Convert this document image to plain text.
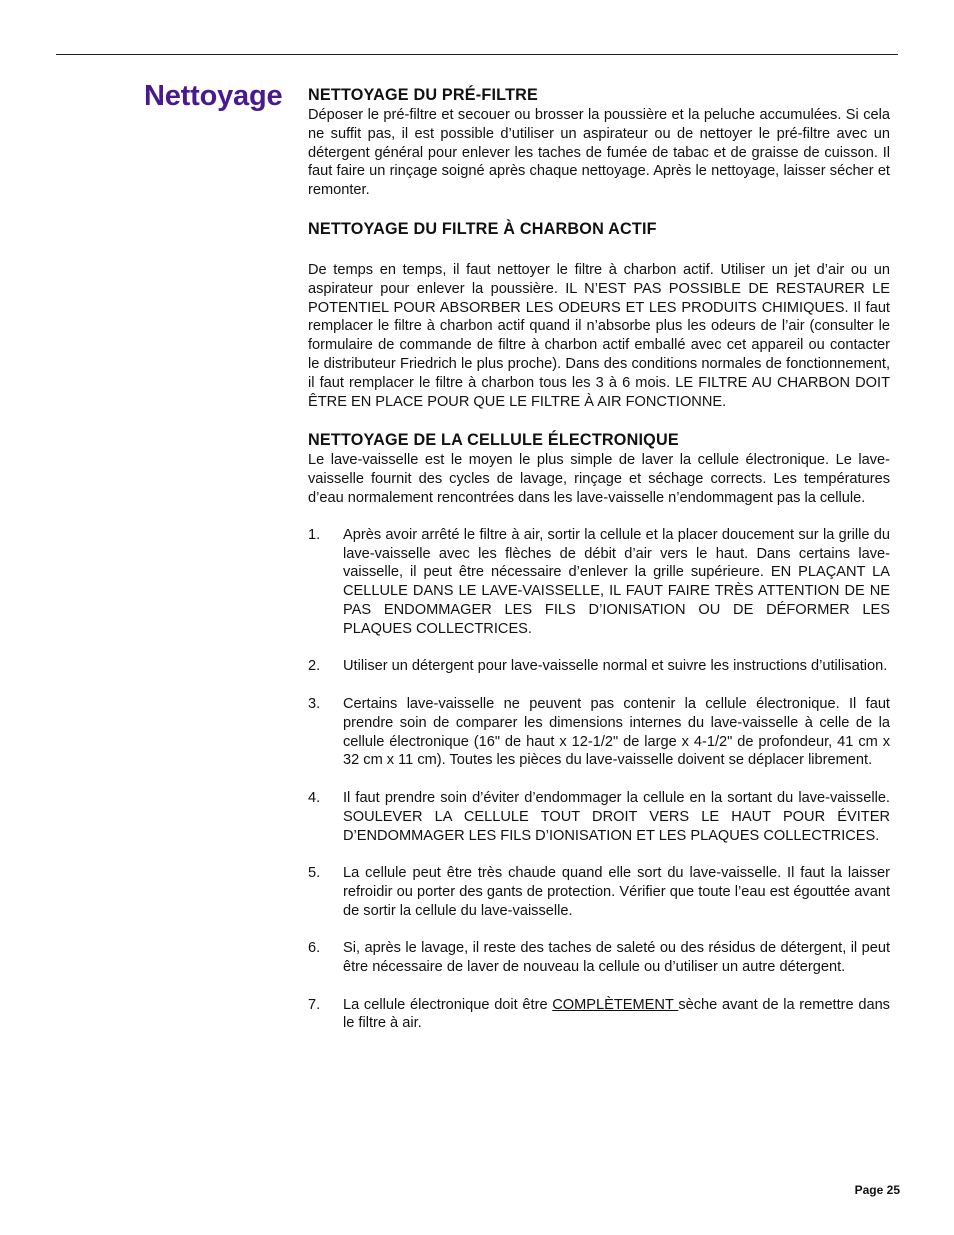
Nettoyage NETTOYAGE DU PRÉ-FILTRE

Déposer le pré-filtre et secouer ou brosser la poussière et la peluche accumulées. Si cela ne suffit pas, il est possible d’utiliser un aspirateur ou de nettoyer le pré-filtre avec un détergent général pour enlever les taches de fumée de tabac et de graisse de cuisson. Il faut faire un rinçage soigné après chaque nettoyage. Après le nettoyage, laisser sécher et remonter.

NETTOYAGE DU FILTRE À CHARBON ACTIF

De temps en temps, il faut nettoyer le filtre à charbon actif. Utiliser un jet d’air ou un aspirateur pour enlever la poussière. IL N’EST PAS POSSIBLE DE RESTAURER LE POTENTIEL POUR ABSORBER LES ODEURS ET LES PRODUITS CHIMIQUES. Il faut remplacer le filtre à charbon actif quand il n’absorbe plus les odeurs de l’air (consulter le formulaire de commande de filtre à charbon actif emballé avec cet appareil ou contacter le distributeur Friedrich le plus proche). Dans des conditions normales de fonctionnement, il faut remplacer le filtre à charbon tous les 3 à 6 mois. LE FILTRE AU CHARBON DOIT ÊTRE EN PLACE POUR QUE LE FILTRE À AIR FONCTIONNE.

NETTOYAGE DE LA CELLULE ÉLECTRONIQUE

Le lave-vaisselle est le moyen le plus simple de laver la cellule électronique. Le lave-vaisselle fournit des cycles de lavage, rinçage et séchage corrects. Les températures d’eau normalement rencontrées dans les lave-vaisselle n’endommagent pas la cellule.

1.	Après avoir arrêté le filtre à air, sortir la cellule et la placer doucement sur la grille du lave-vaisselle avec les flèches de débit d’air vers le haut. Dans certains lave-vaisselle, il peut être nécessaire d’enlever la grille supérieure. EN PLAÇANT LA CELLULE DANS LE LAVE-VAISSELLE, IL FAUT FAIRE TRÈS ATTENTION DE NE PAS ENDOMMAGER LES FILS D’IONISATION OU DE DÉFORMER LES PLAQUES COLLECTRICES.
2.	Utiliser un détergent pour lave-vaisselle normal et suivre les instructions d’utilisation.
3.	Certains lave-vaisselle ne peuvent pas contenir la cellule électronique. Il faut prendre soin de comparer les dimensions internes du lave-vaisselle à celle de la cellule électronique (16" de haut x 12-1/2" de large x 4-1/2" de profondeur, 41 cm x 32 cm x 11 cm). Toutes les pièces du lave-vaisselle doivent se déplacer librement.
4.	Il faut prendre soin d’éviter d’endommager la cellule en la sortant du lave-vaisselle. SOULEVER LA CELLULE TOUT DROIT VERS LE HAUT POUR ÉVITER D’ENDOMMAGER LES FILS D’IONISATION ET LES PLAQUES COLLECTRICES.
5.	La cellule peut être très chaude quand elle sort du lave-vaisselle. Il faut la laisser refroidir ou porter des gants de protection. Vérifier que toute l’eau est égouttée avant de sortir la cellule du lave-vaisselle.
6.	Si, après le lavage, il reste des taches de saleté ou des résidus de détergent, il peut être nécessaire de laver de nouveau la cellule ou d’utiliser un autre détergent.
7.	La cellule électronique doit être COMPLÈTEMENT sèche avant de la remettre dans le filtre à air.
Page 25
